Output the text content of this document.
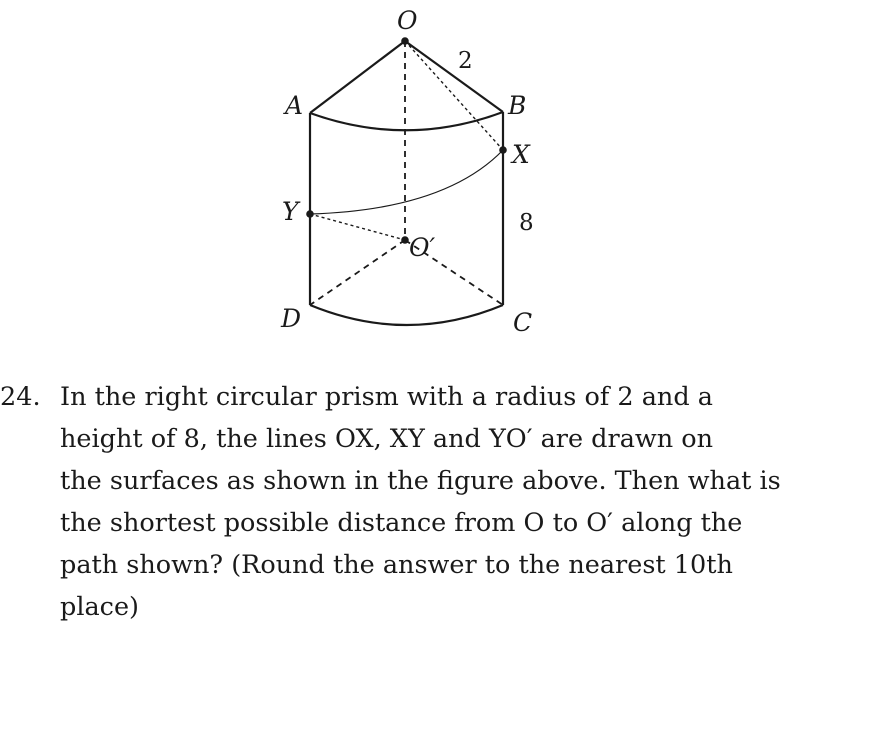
O
A	B
X
Y
O′
D	C
2
8
24. In the right circular prism with a radius of 2 and a
height of 8, the lines OX, XY and YO′ are drawn on
the surfaces as shown in the figure above. Then what is
the shortest possible distance from O to O′ along the
path shown? (Round the answer to the nearest 10th
place)
